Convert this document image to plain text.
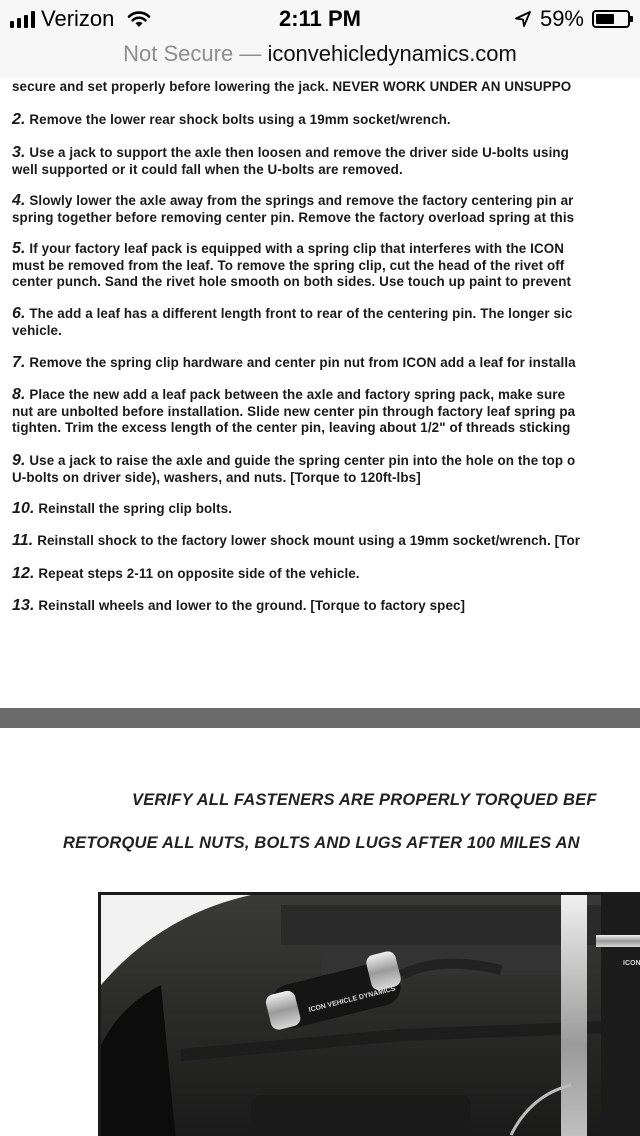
Verizon	2:11 PM	59%
Not Secure — iconvehicledynamics.com
secure and set properly before lowering the jack. NEVER WORK UNDER AN UNSUPPO
2. Remove the lower rear shock bolts using a 19mm socket/wrench.
3. Use a jack to support the axle then loosen and remove the driver side U-bolts using
well supported or it could fall when the U-bolts are removed.
4. Slowly lower the axle away from the springs and remove the factory centering pin ar
spring together before removing center pin. Remove the factory overload spring at this
5. If your factory leaf pack is equipped with a spring clip that interferes with the ICON
must be removed from the leaf. To remove the spring clip, cut the head of the rivet off
center punch. Sand the rivet hole smooth on both sides. Use touch up paint to prevent
6. The add a leaf has a different length front to rear of the centering pin. The longer sic
vehicle.
7. Remove the spring clip hardware and center pin nut from ICON add a leaf for installa
8. Place the new add a leaf pack between the axle and factory spring pack, make sure
nut are unbolted before installation. Slide new center pin through factory leaf spring pa
tighten. Trim the excess length of the center pin, leaving about 1/2" of threads sticking
9. Use a jack to raise the axle and guide the spring center pin into the hole on the top o
U-bolts on driver side), washers, and nuts. [Torque to 120ft-lbs]
10. Reinstall the spring clip bolts.
11. Reinstall shock to the factory lower shock mount using a 19mm socket/wrench. [Tor
12. Repeat steps 2-11 on opposite side of the vehicle.
13. Reinstall wheels and lower to the ground. [Torque to factory spec]
VERIFY ALL FASTENERS ARE PROPERLY TORQUED BEF
RETORQUE ALL NUTS, BOLTS AND LUGS AFTER 100 MILES AN
ICON VEHICLE DYNAMICS
ICON
